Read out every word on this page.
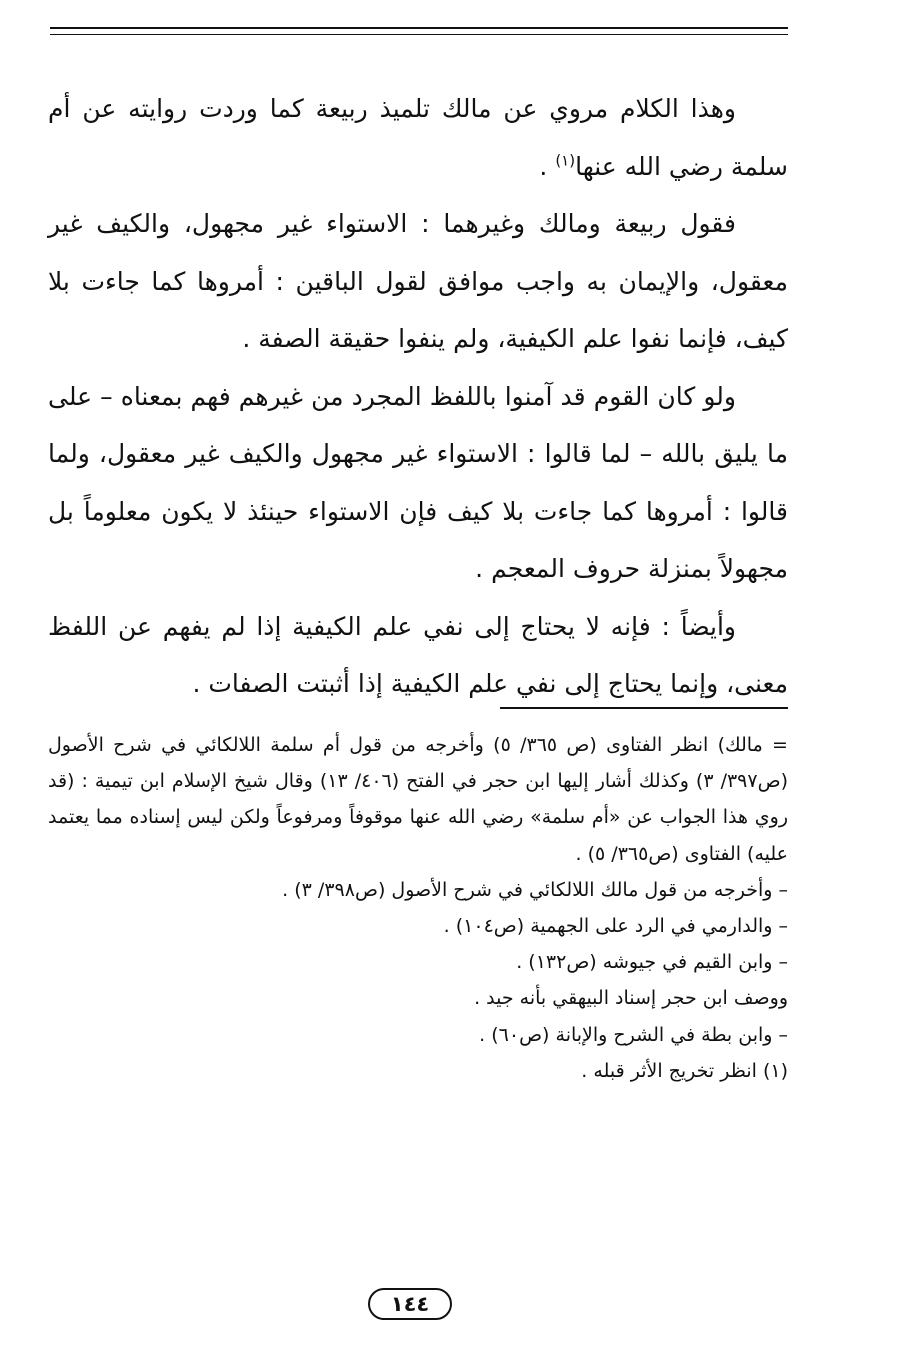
وهذا الكلام مروي عن مالك تلميذ ربيعة كما وردت روايته عن أم سلمة رضي الله عنها$^{(١)}$ .

فقول ربيعة ومالك وغيرهما : الاستواء غير مجهول، والكيف غير معقول، والإيمان به واجب موافق لقول الباقين : أمروها كما جاءت بلا كيف، فإنما نفوا علم الكيفية، ولم ينفوا حقيقة الصفة .

ولو كان القوم قد آمنوا باللفظ المجرد من غيرهم فهم بمعناه – على ما يليق بالله – لما قالوا : الاستواء غير مجهول والكيف غير معقول، ولما قالوا : أمروها كما جاءت بلا كيف فإن الاستواء حينئذ لا يكون معلوماً بل مجهولاً بمنزلة حروف المعجم .

وأيضاً : فإنه لا يحتاج إلى نفي علم الكيفية إذا لم يفهم عن اللفظ معنى، وإنما يحتاج إلى نفي علم الكيفية إذا أثبتت الصفات .

= مالك) انظر الفتاوى (ص ٣٦٥/ ٥) وأخرجه من قول أم سلمة اللالكائي في شرح الأصول (ص٣٩٧/ ٣) وكذلك أشار إليها ابن حجر في الفتح (٤٠٦/ ١٣) وقال شيخ الإسلام ابن تيمية : (قد روي هذا الجواب عن «أم سلمة» رضي الله عنها موقوفاً ومرفوعاً ولكن ليس إسناده مما يعتمد عليه) الفتاوى (ص٣٦٥/ ٥) .

– وأخرجه من قول مالك اللالكائي في شرح الأصول (ص٣٩٨/ ٣) .

– والدارمي في الرد على الجهمية (ص١٠٤) .

– وابن القيم في جيوشه (ص١٣٢) .

ووصف ابن حجر إسناد البيهقي بأنه جيد .

– وابن بطة في الشرح والإبانة (ص٦٠) .

(١) انظر تخريج الأثر قبله .

١٤٤
